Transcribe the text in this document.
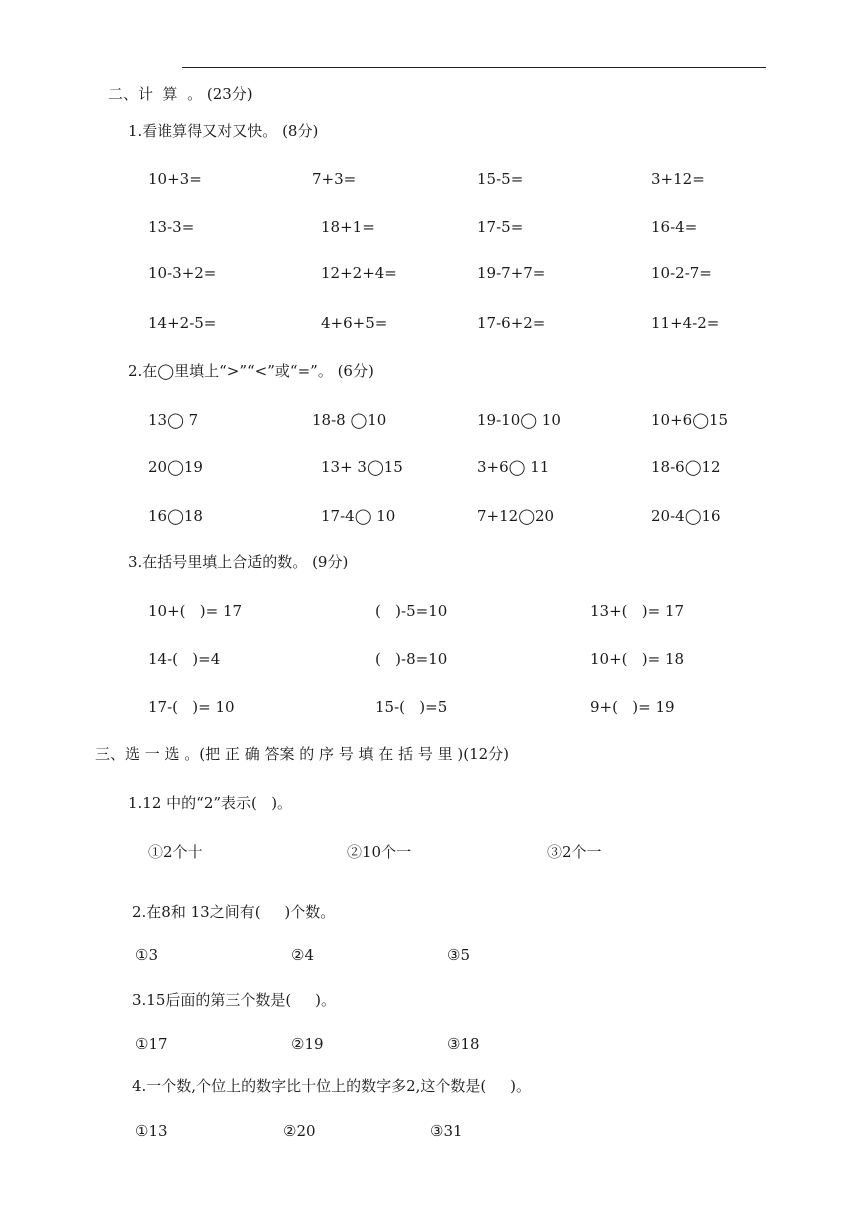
二、计  算  。 (23分)
1.看谁算得又对又快。 (8分)
10+3=	7+3=	15-5=	3+12=
13-3=	18+1=	17-5=	16-4=
10-3+2=	12+2+4=	19-7+7=	10-2-7=
14+2-5=	4+6+5=	17-6+2=	11+4-2=
2.在◯里填上“>”“<”或“=”。 (6分)
13◯ 7	18-8 ◯10	19-10◯ 10	10+6◯15
20◯19	13+ 3◯15	3+6◯ 11	18-6◯12
16◯18	17-4◯ 10	7+12◯20	20-4◯16
3.在括号里填上合适的数。 (9分)
10+(   )= 17	(   )-5=10	13+(   )= 17
14-(   )=4	(   )-8=10	10+(   )= 18
17-(   )= 10	15-(   )=5	9+(   )= 19
三、选 一 选 。(把 正 确 答案 的 序 号 填 在 括 号 里 )(12分)
1.12 中的“2”表示(   )。
①2个十	②10个一	③2个一
2.在8和 13之间有(     )个数。
①3	②4	③5
3.15后面的第三个数是(     )。
①17	②19	③18
4.一个数,个位上的数字比十位上的数字多2,这个数是(     )。
①13	②20	③31
